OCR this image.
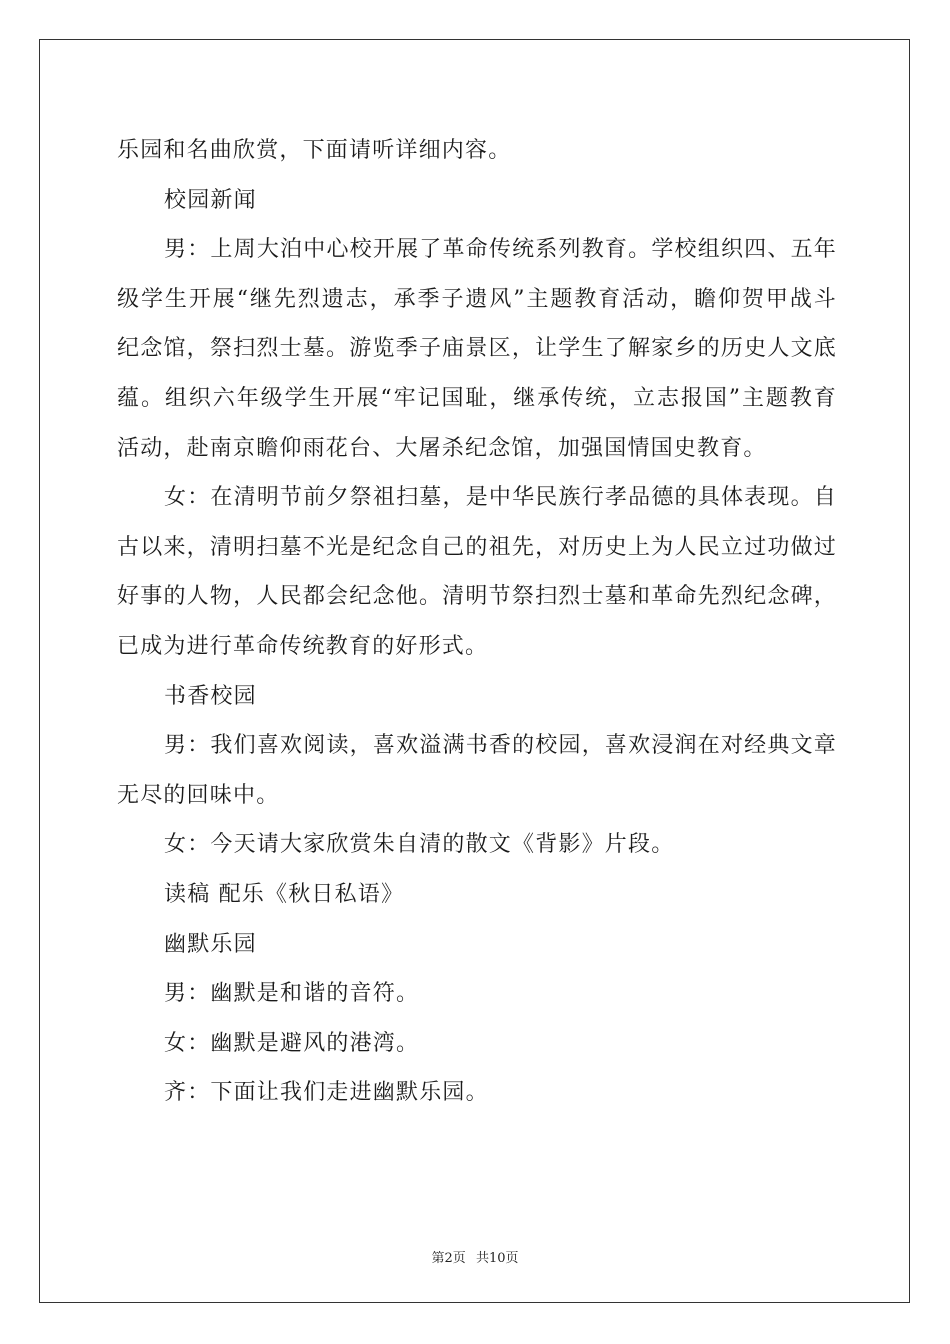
乐园和名曲欣赏，下面请听详细内容。

校园新闻

男：上周大泊中心校开展了革命传统系列教育。学校组织四、五年级学生开展“继先烈遗志，承季子遗风”主题教育活动，瞻仰贺甲战斗纪念馆，祭扫烈士墓。游览季子庙景区，让学生了解家乡的历史人文底蕴。组织六年级学生开展“牢记国耻，继承传统，立志报国”主题教育活动，赴南京瞻仰雨花台、大屠杀纪念馆，加强国情国史教育。

女：在清明节前夕祭祖扫墓，是中华民族行孝品德的具体表现。自古以来，清明扫墓不光是纪念自己的祖先，对历史上为人民立过功做过好事的人物，人民都会纪念他。清明节祭扫烈士墓和革命先烈纪念碑，已成为进行革命传统教育的好形式。

书香校园

男：我们喜欢阅读，喜欢溢满书香的校园，喜欢浸润在对经典文章无尽的回味中。

女：今天请大家欣赏朱自清的散文《背影》片段。

读稿 配乐《秋日私语》

幽默乐园

男：幽默是和谐的音符。

女：幽默是避风的港湾。

齐：下面让我们走进幽默乐园。

第2页 共10页
